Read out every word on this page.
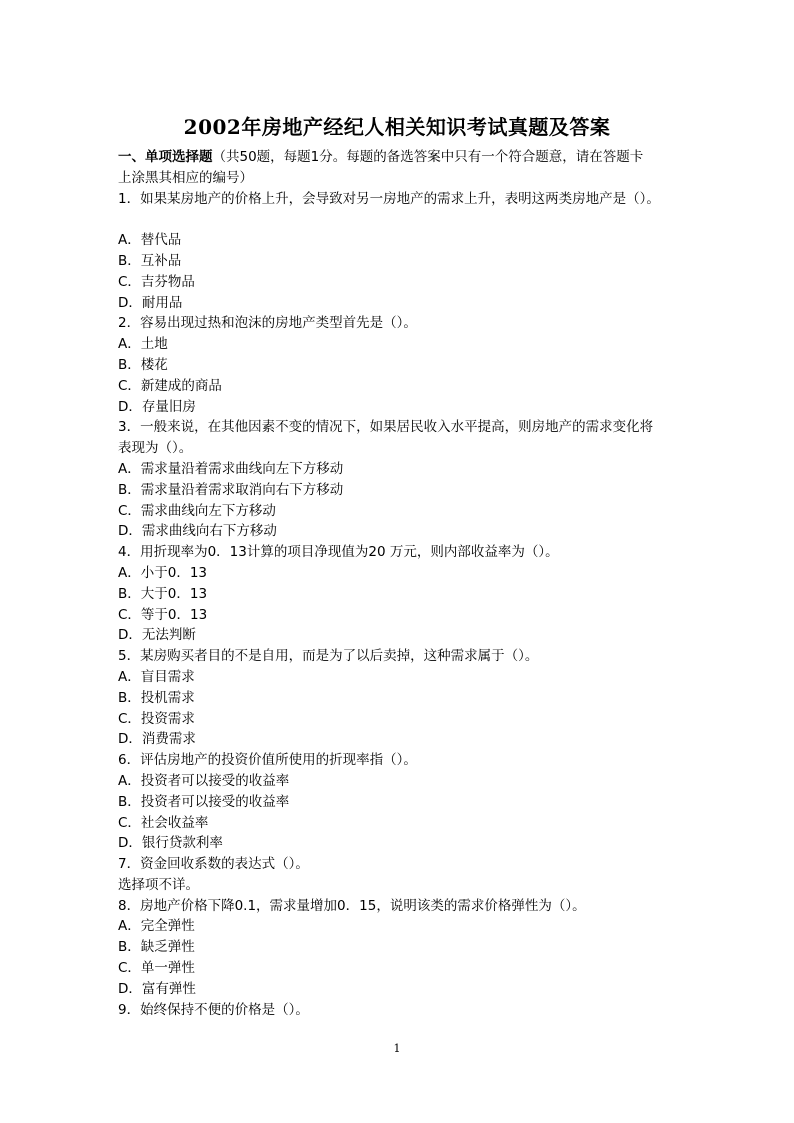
2002年房地产经纪人相关知识考试真题及答案
一、单项选择题（共50题，每题1分。每题的备选答案中只有一个符合题意，请在答题卡
上涂黑其相应的编号）
1．如果某房地产的价格上升，会导致对另一房地产的需求上升，表明这两类房地产是（）。
A．替代品
B．互补品
C．吉芬物品
D．耐用品
2．容易出现过热和泡沫的房地产类型首先是（）。
A．土地
B．楼花
C．新建成的商品
D．存量旧房
3．一般来说，在其他因素不变的情况下，如果居民收入水平提高，则房地产的需求变化将
表现为（）。
A．需求量沿着需求曲线向左下方移动
B．需求量沿着需求取消向右下方移动
C．需求曲线向左下方移动
D．需求曲线向右下方移动
4．用折现率为0．13计算的项目净现值为20 万元，则内部收益率为（）。
A．小于0．13
B．大于0．13
C．等于0．13
D．无法判断
5．某房购买者目的不是自用，而是为了以后卖掉，这种需求属于（）。
A．盲目需求
B．投机需求
C．投资需求
D．消费需求
6．评估房地产的投资价值所使用的折现率指（）。
A．投资者可以接受的收益率
B．投资者可以接受的收益率
C．社会收益率
D．银行贷款利率
7．资金回收系数的表达式（）。
选择项不详。
8．房地产价格下降0.1，需求量增加0．15，说明该类的需求价格弹性为（）。
A．完全弹性
B．缺乏弹性
C．单一弹性
D．富有弹性
9．始终保持不便的价格是（）。
1
